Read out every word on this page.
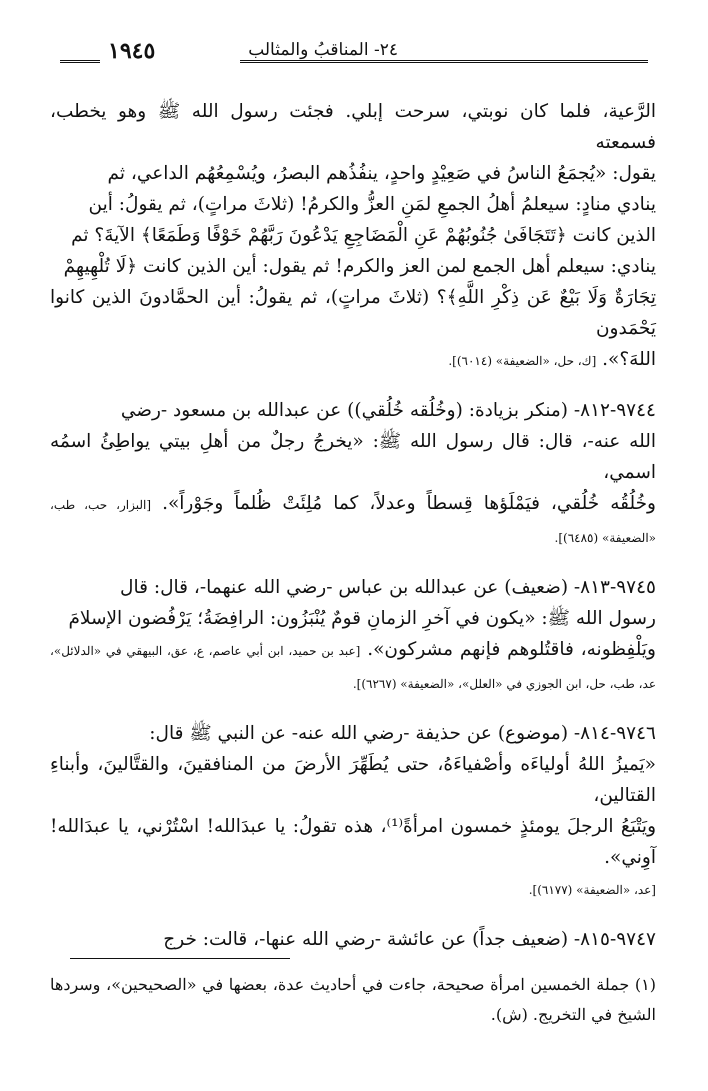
٢٤- المناقبُ والمثالب
١٩٤٥
الرَّعية، فلما كان نوبتي، سرحت إبلي. فجئت رسول الله ﷺ وهو يخطب، فسمعته
يقول: «يُجمَعُ الناسُ في صَعِيْدٍ واحدٍ، ينفُذُهم البصرُ، ويُسْمِعُهُم الداعي، ثم
ينادي منادٍ: سيعلمُ أهلُ الجمعِ لمَنِ العزُّ والكرمُ! (ثلاثَ مراتٍ)، ثم يقولُ: أين
الذين كانت ﴿تَتَجَافَىٰ جُنُوبُهُمْ عَنِ الْمَضَاجِعِ يَدْعُونَ رَبَّهُمْ خَوْفًا وَطَمَعًا﴾ الآيةَ؟ ثم
ينادي: سيعلم أهل الجمع لمن العز والكرم! ثم يقول: أين الذين كانت ﴿لَا تُلْهِيهِمْ
تِجَارَةٌ وَلَا بَيْعٌ عَن ذِكْرِ اللَّهِ﴾؟ (ثلاثَ مراتٍ)، ثم يقولُ: أين الحمَّادونَ الذين كانوا يَحْمَدون
اللهَ؟». [ك، حل، «الضعيفة» (٦٠١٤)].
٩٧٤٤-٨١٢- (منكر بزيادة: (وخُلُقه خُلُقي)) عن عبدالله بن مسعود -رضي
الله عنه-، قال: قال رسول الله ﷺ: «يخرجُ رجلٌ من أهلِ بيتي يواطِئُ اسمُه اسمي،
وخُلُقُه خُلُقي، فيَمْلَؤها قِسطاً وعدلاً، كما مُلِئَتْ ظُلماً وجَوْراً». [البزار، حب، طب، «الضعيفة» (٦٤٨٥)].
٩٧٤٥-٨١٣- (ضعيف) عن عبدالله بن عباس -رضي الله عنهما-، قال: قال
رسول الله ﷺ: «يكون في آخرِ الزمانِ قومٌ يُنْبَزُون: الرافِضَةُ؛ يَرْفُضون الإسلامَ
ويَلْفِظونه، فاقتُلوهم فإنهم مشركون». [عبد بن حميد، ابن أبي عاصم، ع، عق، البيهقي في «الدلائل»، عد، طب، حل، ابن الجوزي في «العلل»، «الضعيفة» (٦٢٦٧)].
٩٧٤٦-٨١٤- (موضوع) عن حذيفة -رضي الله عنه- عن النبي ﷺ قال:
«يَميزُ اللهُ أولياءَه وأصْفياءَهُ، حتى يُطَهِّرَ الأرضَ من المنافقينَ، والقتَّالينَ، وأبناءِ القتالين،
ويَتْبَعُ الرجلَ يومئذٍ خمسون امرأةً⁽¹⁾، هذه تقولُ: يا عبدَالله! اسْتُرْني، يا عبدَالله! آوِني».
[عد، «الضعيفة» (٦١٧٧)].
٩٧٤٧-٨١٥- (ضعيف جداً) عن عائشة -رضي الله عنها-، قالت: خرج
(١) جملة الخمسين امرأة صحيحة، جاءت في أحاديث عدة، بعضها في «الصحيحين»، وسردها الشيخ في التخريج. (ش).
